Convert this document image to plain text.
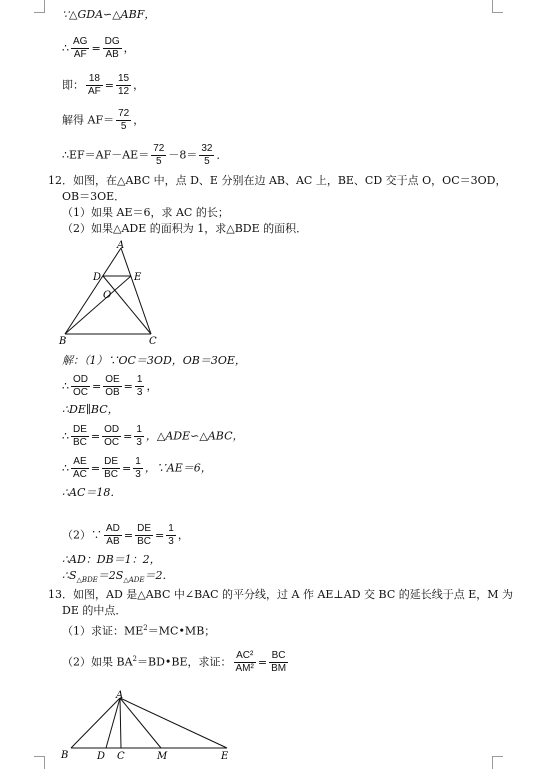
∵△GDA∽△ABF，
∴ $\frac{AG}{AF} = \frac{DG}{AB}$ ，
即： $\frac{18}{AF} = \frac{15}{12}$ ，
解得 $AF= \frac{72}{5}$ ，
∴EF＝AF－AE＝ $\frac{72}{5} -8= \frac{32}{5}$ ．
12．如图，在△ABC 中，点 D、E 分别在边 AB、AC 上，BE、CD 交于点 O，OC＝3OD，
OB＝3OE．
（1）如果 AE＝6，求 AC 的长；
（2）如果△ADE 的面积为 1，求△BDE 的面积．
A
D	E
O
B	C
解：（1）∵OC＝3OD，OB＝3OE，
∴ $\frac{OD}{OC} = \frac{OE}{OB} = \frac{1}{3}$ ，
∴DE∥BC，
∴ $\frac{DE}{BC} = \frac{OD}{OC} = \frac{1}{3}$ ，△ADE∽△ABC，
∴ $\frac{AE}{AC} = \frac{DE}{BC} = \frac{1}{3}$ ，∵AE＝6，
∴AC＝18．
（2）∵ $\frac{AD}{AB} = \frac{DE}{BC} = \frac{1}{3}$ ，
∴AD：DB＝1：2，
$\therefore S_{\triangle BDE}=2S_{\triangle ADE}=2$．
13．如图，AD 是△ABC 中∠BAC 的平分线，过 A 作 AE⊥AD 交 BC 的延长线于点 E，M 为
DE 的中点．
（1）求证：$ME^2=MC•MB$；
（2）如果 $BA^2=BD•BE$，求证： $\frac{\text{AC²}}{\text{AM²}} = \frac{BC}{BM}$
A
B	D C	M	E
